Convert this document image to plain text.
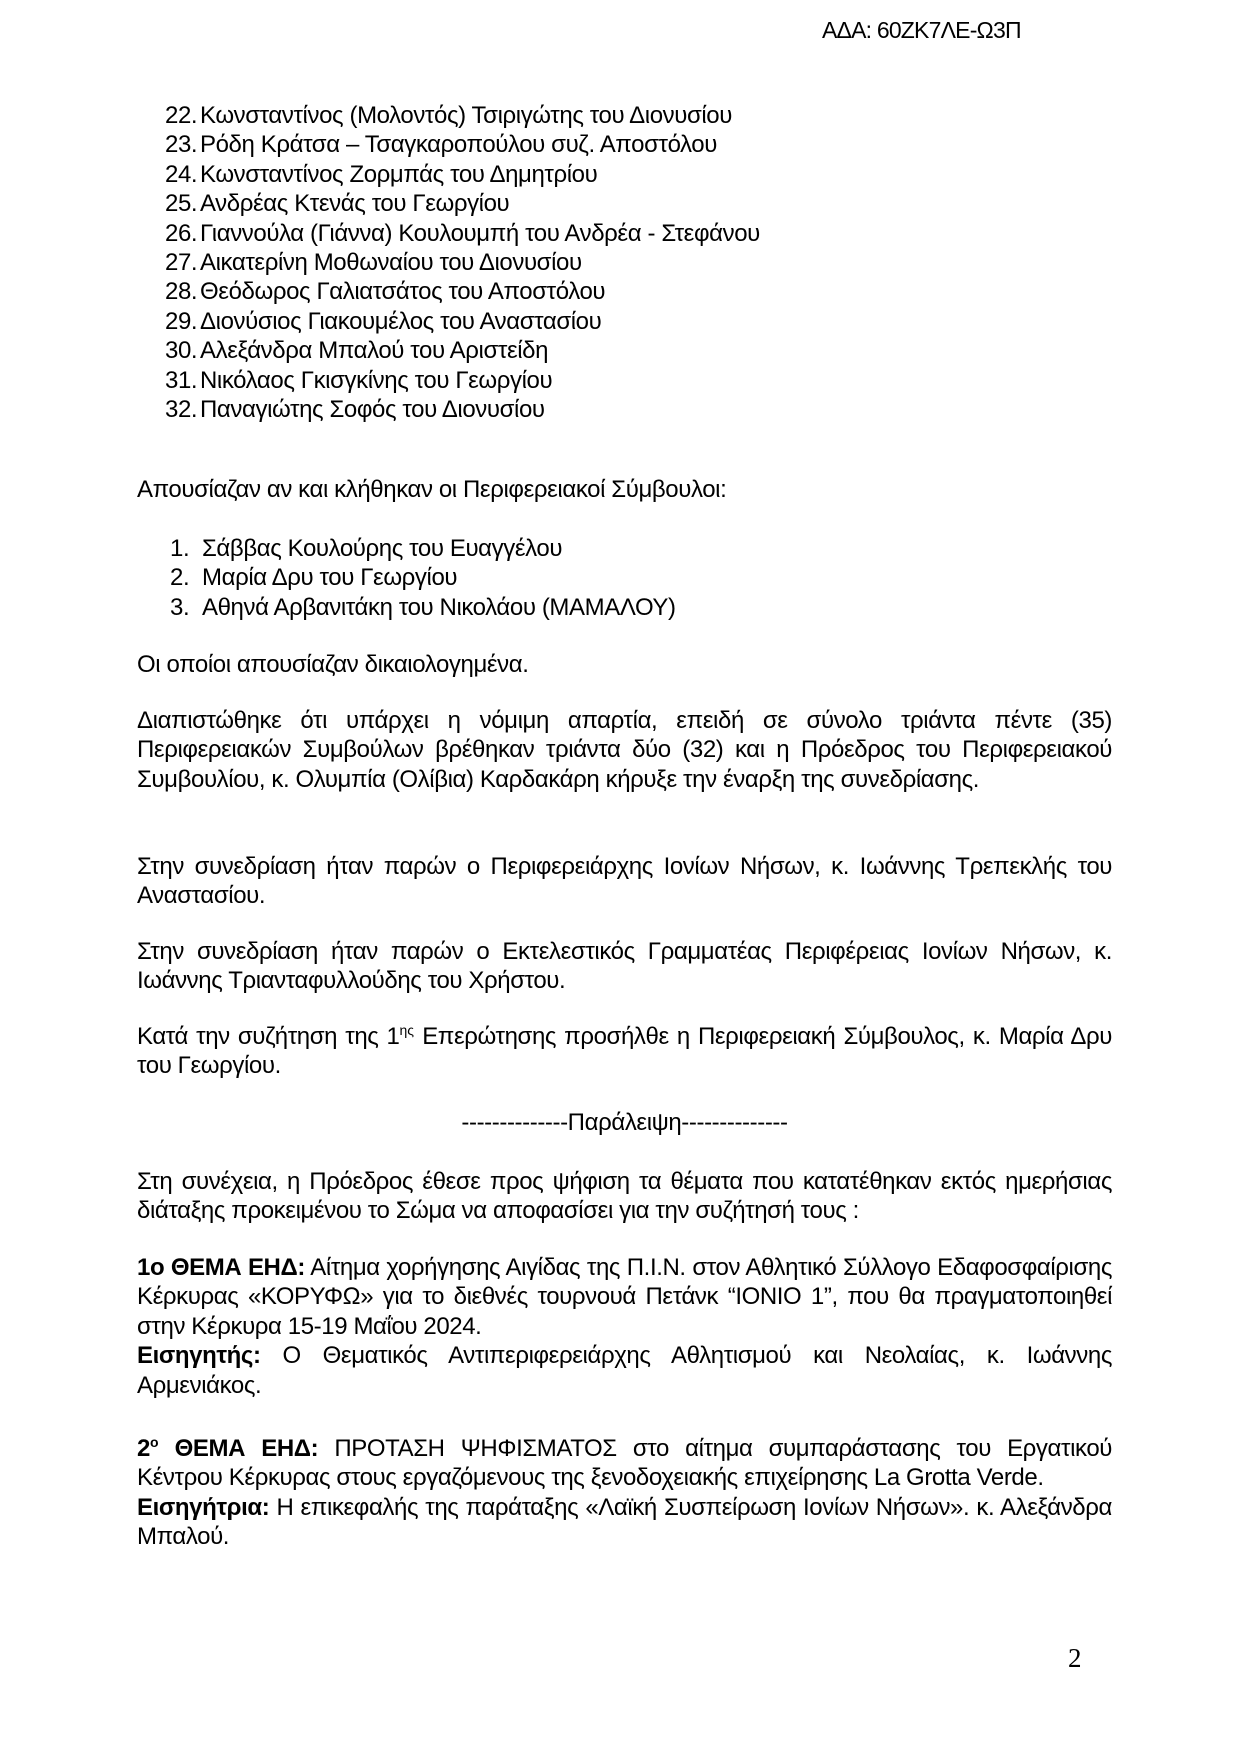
ΑΔΑ: 60ZK7ΛΕ-Ω3Π
22. Κωνσταντίνος (Μολοντός) Τσιριγώτης του Διονυσίου
23. Ρόδη Κράτσα – Τσαγκαροπούλου συζ. Αποστόλου
24. Κωνσταντίνος Ζορμπάς του Δημητρίου
25. Ανδρέας Κτενάς του Γεωργίου
26. Γιαννούλα (Γιάννα) Κουλουμπή του Ανδρέα - Στεφάνου
27. Αικατερίνη Μοθωναίου του Διονυσίου
28. Θεόδωρος Γαλιατσάτος του Αποστόλου
29. Διονύσιος Γιακουμέλος του Αναστασίου
30. Αλεξάνδρα Μπαλού του Αριστείδη
31. Νικόλαος Γκισγκίνης του Γεωργίου
32. Παναγιώτης Σοφός του Διονυσίου
Απουσίαζαν αν και κλήθηκαν οι Περιφερειακοί Σύμβουλοι:
1. Σάββας Κουλούρης του Ευαγγέλου
2. Μαρία Δρυ του Γεωργίου
3. Αθηνά Αρβανιτάκη του Νικολάου (ΜΑΜΑΛΟΥ)
Οι οποίοι απουσίαζαν δικαιολογημένα.
Διαπιστώθηκε ότι υπάρχει η νόμιμη απαρτία, επειδή σε σύνολο τριάντα πέντε (35) Περιφερειακών Συμβούλων βρέθηκαν τριάντα δύο (32) και η Πρόεδρος του Περιφερειακού Συμβουλίου, κ. Ολυμπία (Ολίβια) Καρδακάρη κήρυξε την έναρξη της συνεδρίασης.
Στην συνεδρίαση ήταν παρών ο Περιφερειάρχης Ιονίων Νήσων, κ. Ιωάννης Τρεπεκλής του Αναστασίου.
Στην συνεδρίαση ήταν παρών ο Εκτελεστικός Γραμματέας Περιφέρειας Ιονίων Νήσων, κ. Ιωάννης Τριανταφυλλούδης του Χρήστου.
Κατά την συζήτηση της $1^{\eta\varsigma}$ Επερώτησης προσήλθε η Περιφερειακή Σύμβουλος, κ. Μαρία Δρυ του Γεωργίου.
--------------Παράλειψη--------------
Στη συνέχεια, η Πρόεδρος έθεσε προς ψήφιση τα θέματα που κατατέθηκαν εκτός ημερήσιας διάταξης προκειμένου το Σώμα να αποφασίσει για την συζήτησή τους :
1ο ΘΕΜΑ ΕΗΔ: Αίτημα χορήγησης Αιγίδας της Π.Ι.Ν. στον Αθλητικό Σύλλογο Εδαφοσφαίρισης Κέρκυρας «ΚΟΡΥΦΩ» για το διεθνές τουρνουά Πετάνκ “ΙΟΝΙΟ 1”, που θα πραγματοποιηθεί στην Κέρκυρα 15-19 Μαΐου 2024.
Εισηγητής: Ο Θεματικός Αντιπεριφερειάρχης Αθλητισμού και Νεολαίας, κ. Ιωάννης Αρμενιάκος.
$2^o$ ΘΕΜΑ ΕΗΔ: ΠΡΟΤΑΣΗ ΨΗΦΙΣΜΑΤΟΣ στο αίτημα συμπαράστασης του Εργατικού Κέντρου Κέρκυρας στους εργαζόμενους της ξενοδοχειακής επιχείρησης La Grotta Verde.
Εισηγήτρια: Η επικεφαλής της παράταξης «Λαϊκή Συσπείρωση Ιονίων Νήσων». κ. Αλεξάνδρα Μπαλού.
2
